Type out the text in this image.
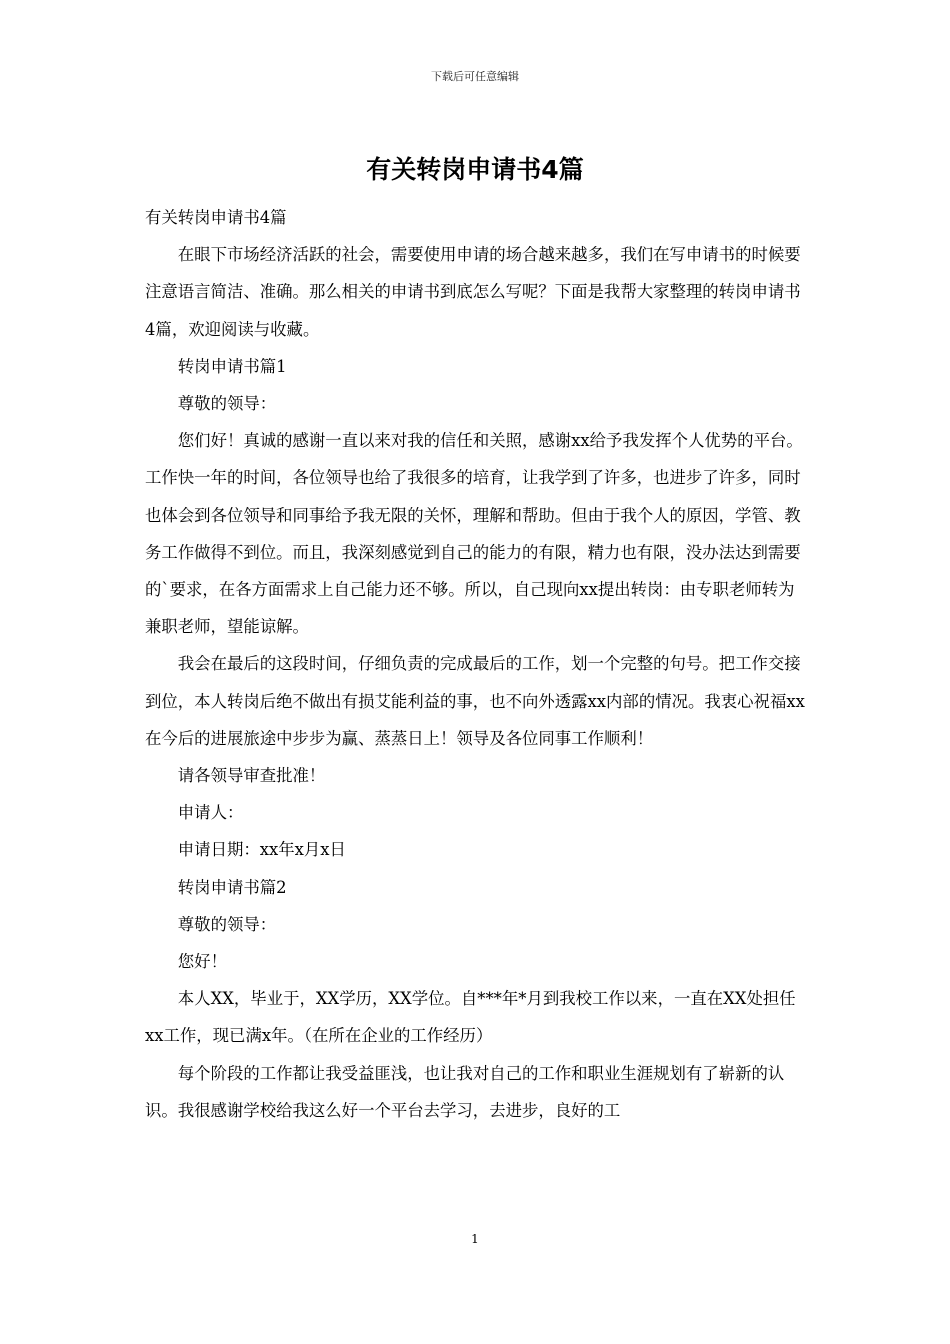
下载后可任意编辑
有关转岗申请书4篇

有关转岗申请书4篇

在眼下市场经济活跃的社会，需要使用申请的场合越来越多，我们在写申请书的时候要注意语言简洁、准确。那么相关的申请书到底怎么写呢？下面是我帮大家整理的转岗申请书4篇，欢迎阅读与收藏。

转岗申请书篇1

尊敬的领导：

您们好！真诚的感谢一直以来对我的信任和关照，感谢xx给予我发挥个人优势的平台。工作快一年的时间，各位领导也给了我很多的培育，让我学到了许多，也进步了许多，同时也体会到各位领导和同事给予我无限的关怀，理解和帮助。但由于我个人的原因，学管、教务工作做得不到位。而且，我深刻感觉到自己的能力的有限，精力也有限，没办法达到需要的`要求，在各方面需求上自己能力还不够。所以，自己现向xx提出转岗：由专职老师转为兼职老师，望能谅解。

我会在最后的这段时间，仔细负责的完成最后的工作，划一个完整的句号。把工作交接到位，本人转岗后绝不做出有损艾能利益的事，也不向外透露xx内部的情况。我衷心祝福xx在今后的进展旅途中步步为赢、蒸蒸日上！领导及各位同事工作顺利！

请各领导审查批准！

申请人：

申请日期：xx年x月x日

转岗申请书篇2

尊敬的领导：

您好！

本人XX，毕业于，XX学历，XX学位。自***年*月到我校工作以来，一直在XX处担任xx工作，现已满x年。（在所在企业的工作经历）

每个阶段的工作都让我受益匪浅，也让我对自己的工作和职业生涯规划有了崭新的认识。我很感谢学校给我这么好一个平台去学习，去进步，良好的工

1
